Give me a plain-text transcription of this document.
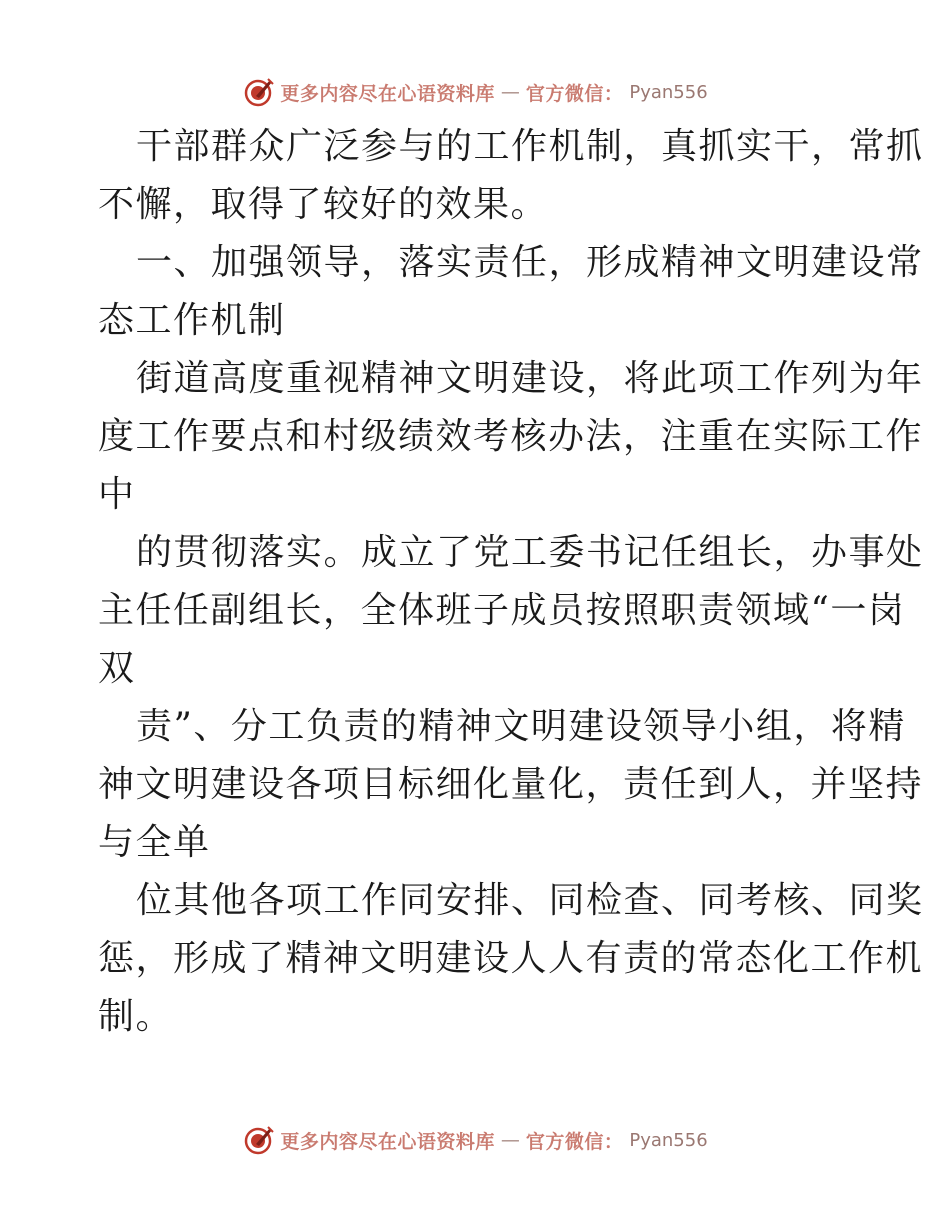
更多内容尽在心语资料库 — 官方微信： Pyan556
干部群众广泛参与的工作机制，真抓实干，常抓
不懈，取得了较好的效果。
一、加强领导，落实责任，形成精神文明建设常
态工作机制
街道高度重视精神文明建设，将此项工作列为年
度工作要点和村级绩效考核办法，注重在实际工作
中
的贯彻落实。成立了党工委书记任组长，办事处
主任任副组长，全体班子成员按照职责领域“一岗
双
责”、分工负责的精神文明建设领导小组，将精
神文明建设各项目标细化量化，责任到人，并坚持
与全单
位其他各项工作同安排、同检查、同考核、同奖
惩，形成了精神文明建设人人有责的常态化工作机
制。
更多内容尽在心语资料库 — 官方微信： Pyan556
